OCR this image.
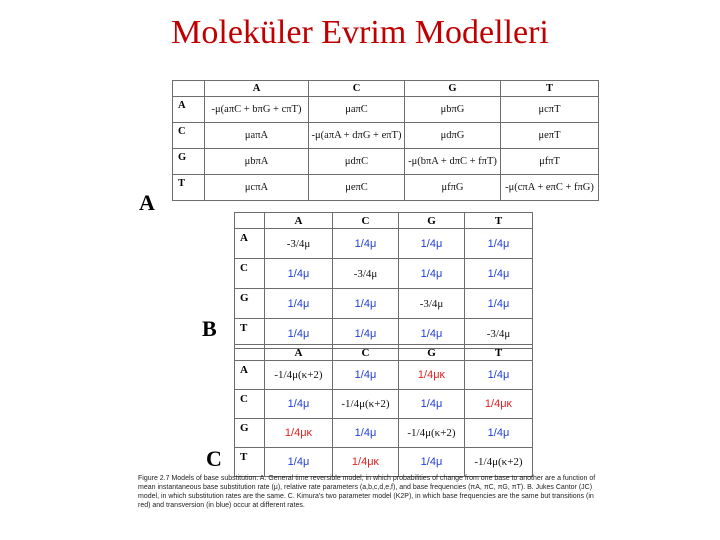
Moleküler Evrim Modelleri
	A	C	G	T
A	-μ(aπC + bπG + cπT)	μaπC	μbπG	μcπT
C	μaπA	-μ(aπA + dπG + eπT)	μdπG	μeπT
G	μbπA	μdπC	-μ(bπA + dπC + fπT)	μfπT
T	μcπA	μeπC	μfπG	-μ(cπA + eπC + fπG)
A
	A	C	G	T
A	-3/4μ	1/4μ	1/4μ	1/4μ
C	1/4μ	-3/4μ	1/4μ	1/4μ
G	1/4μ	1/4μ	-3/4μ	1/4μ
T	1/4μ	1/4μ	1/4μ	-3/4μ
B
	A	C	G	T
A	-1/4μ(κ+2)	1/4μ	1/4μκ	1/4μ
C	1/4μ	-1/4μ(κ+2)	1/4μ	1/4μκ
G	1/4μκ	1/4μ	-1/4μ(κ+2)	1/4μ
T	1/4μ	1/4μκ	1/4μ	-1/4μ(κ+2)
C
Figure 2.7 Models of base substitution. A. General time reversible model, in which probabilities of change from one base to another are a function of mean instantaneous base substitution rate (μ), relative rate parameters (a,b,c,d,e,f), and base frequencies (πA, πC, πG, πT). B. Jukes Cantor (JC) model, in which substitution rates are the same. C. Kimura's two parameter model (K2P), in which base frequencies are the same but transitions (in red) and transversion (in blue) occur at different rates.
